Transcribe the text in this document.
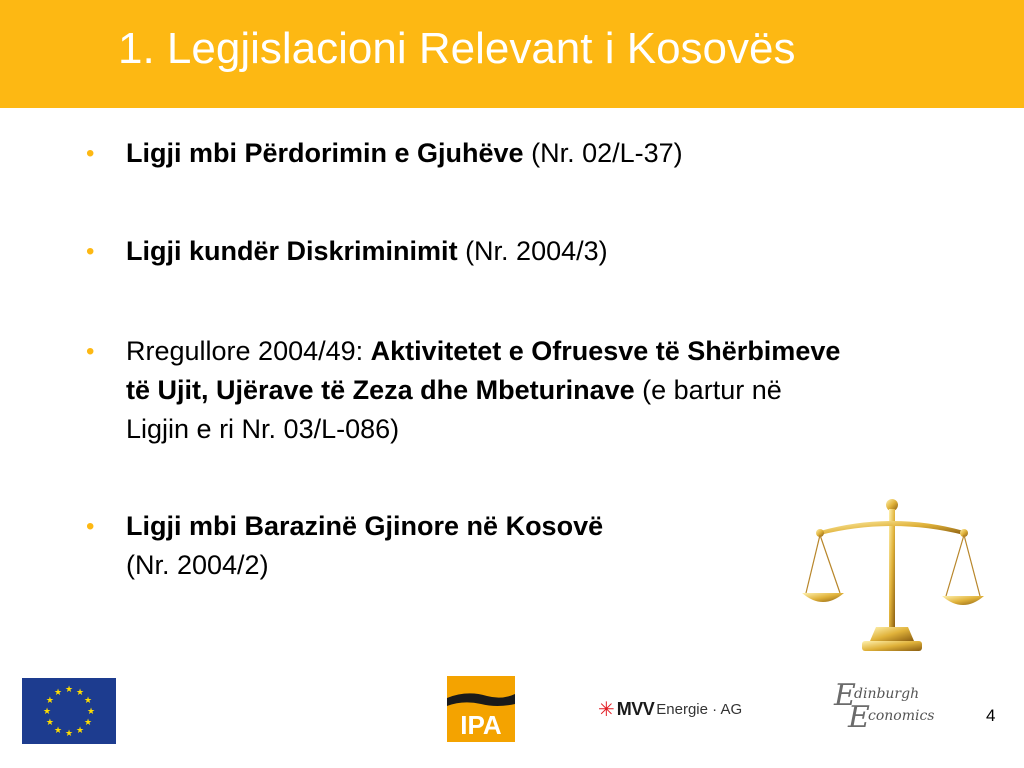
1. Legjislacioni Relevant i Kosovës
• Ligji mbi Përdorimin e Gjuhëve (Nr. 02/L-37)
• Ligji kundër Diskriminimit (Nr. 2004/3)
• Rregullore 2004/49: Aktivitetet e Ofruesve të Shërbimeve të Ujit, Ujërave të Zeza dhe Mbeturinave (e bartur në Ligjin e ri Nr. 03/L-086)
• Ligji mbi Barazinë Gjinore në Kosovë
(Nr. 2004/2)
★ ★
★
★
★
★
★
★
★
★
★
★
IPA
✳ MVV Energie · AG	E
dinburgh
E
conomics	4
